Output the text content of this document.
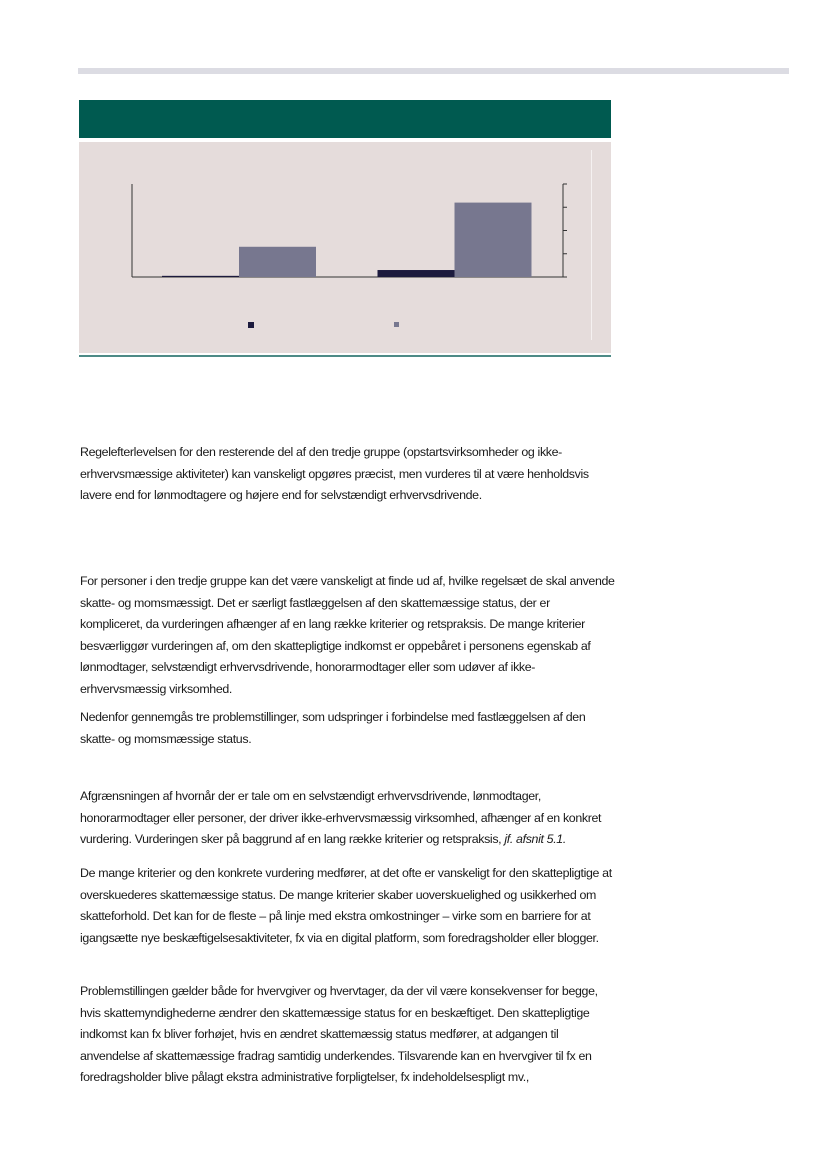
Regelefterlevelsen for den resterende del af den tredje gruppe (opstartsvirksomheder og ikke-erhvervsmæssige aktiviteter) kan vanskeligt opgøres præcist, men vurderes til at være henholdsvis lavere end for lønmodtagere og højere end for selvstændigt erhvervsdrivende.

For personer i den tredje gruppe kan det være vanskeligt at finde ud af, hvilke regelsæt de skal anvende skatte- og momsmæssigt. Det er særligt fastlæggelsen af den skattemæssige status, der er kompliceret, da vurderingen afhænger af en lang række kriterier og retspraksis. De mange kriterier besværliggør vurderingen af, om den skattepligtige indkomst er oppebåret i personens egenskab af lønmodtager, selvstændigt erhvervsdrivende, honorarmodtager eller som udøver af ikke-erhvervsmæssig virksomhed.

Nedenfor gennemgås tre problemstillinger, som udspringer i forbindelse med fastlæggelsen af den skatte- og momsmæssige status.

Afgrænsningen af hvornår der er tale om en selvstændigt erhvervsdrivende, lønmodtager, honorarmodtager eller personer, der driver ikke-erhvervsmæssig virksomhed, afhænger af en konkret vurdering. Vurderingen sker på baggrund af en lang række kriterier og retspraksis, jf. afsnit 5.1.

De mange kriterier og den konkrete vurdering medfører, at det ofte er vanskeligt for den skattepligtige at overskuederes skattemæssige status. De mange kriterier skaber uoverskuelighed og usikkerhed om skatteforhold. Det kan for de fleste – på linje med ekstra omkostninger – virke som en barriere for at igangsætte nye beskæftigelsesaktiviteter, fx via en digital platform, som foredragsholder eller blogger.

Problemstillingen gælder både for hvervgiver og hvervtager, da der vil være konsekvenser for begge, hvis skattemyndighederne ændrer den skattemæssige status for en beskæftiget. Den skattepligtige indkomst kan fx bliver forhøjet, hvis en ændret skattemæssig status medfører, at adgangen til anvendelse af skattemæssige fradrag samtidig underkendes. Tilsvarende kan en hvervgiver til fx en foredragsholder blive pålagt ekstra administrative forpligtelser, fx indeholdelsespligt mv.,
